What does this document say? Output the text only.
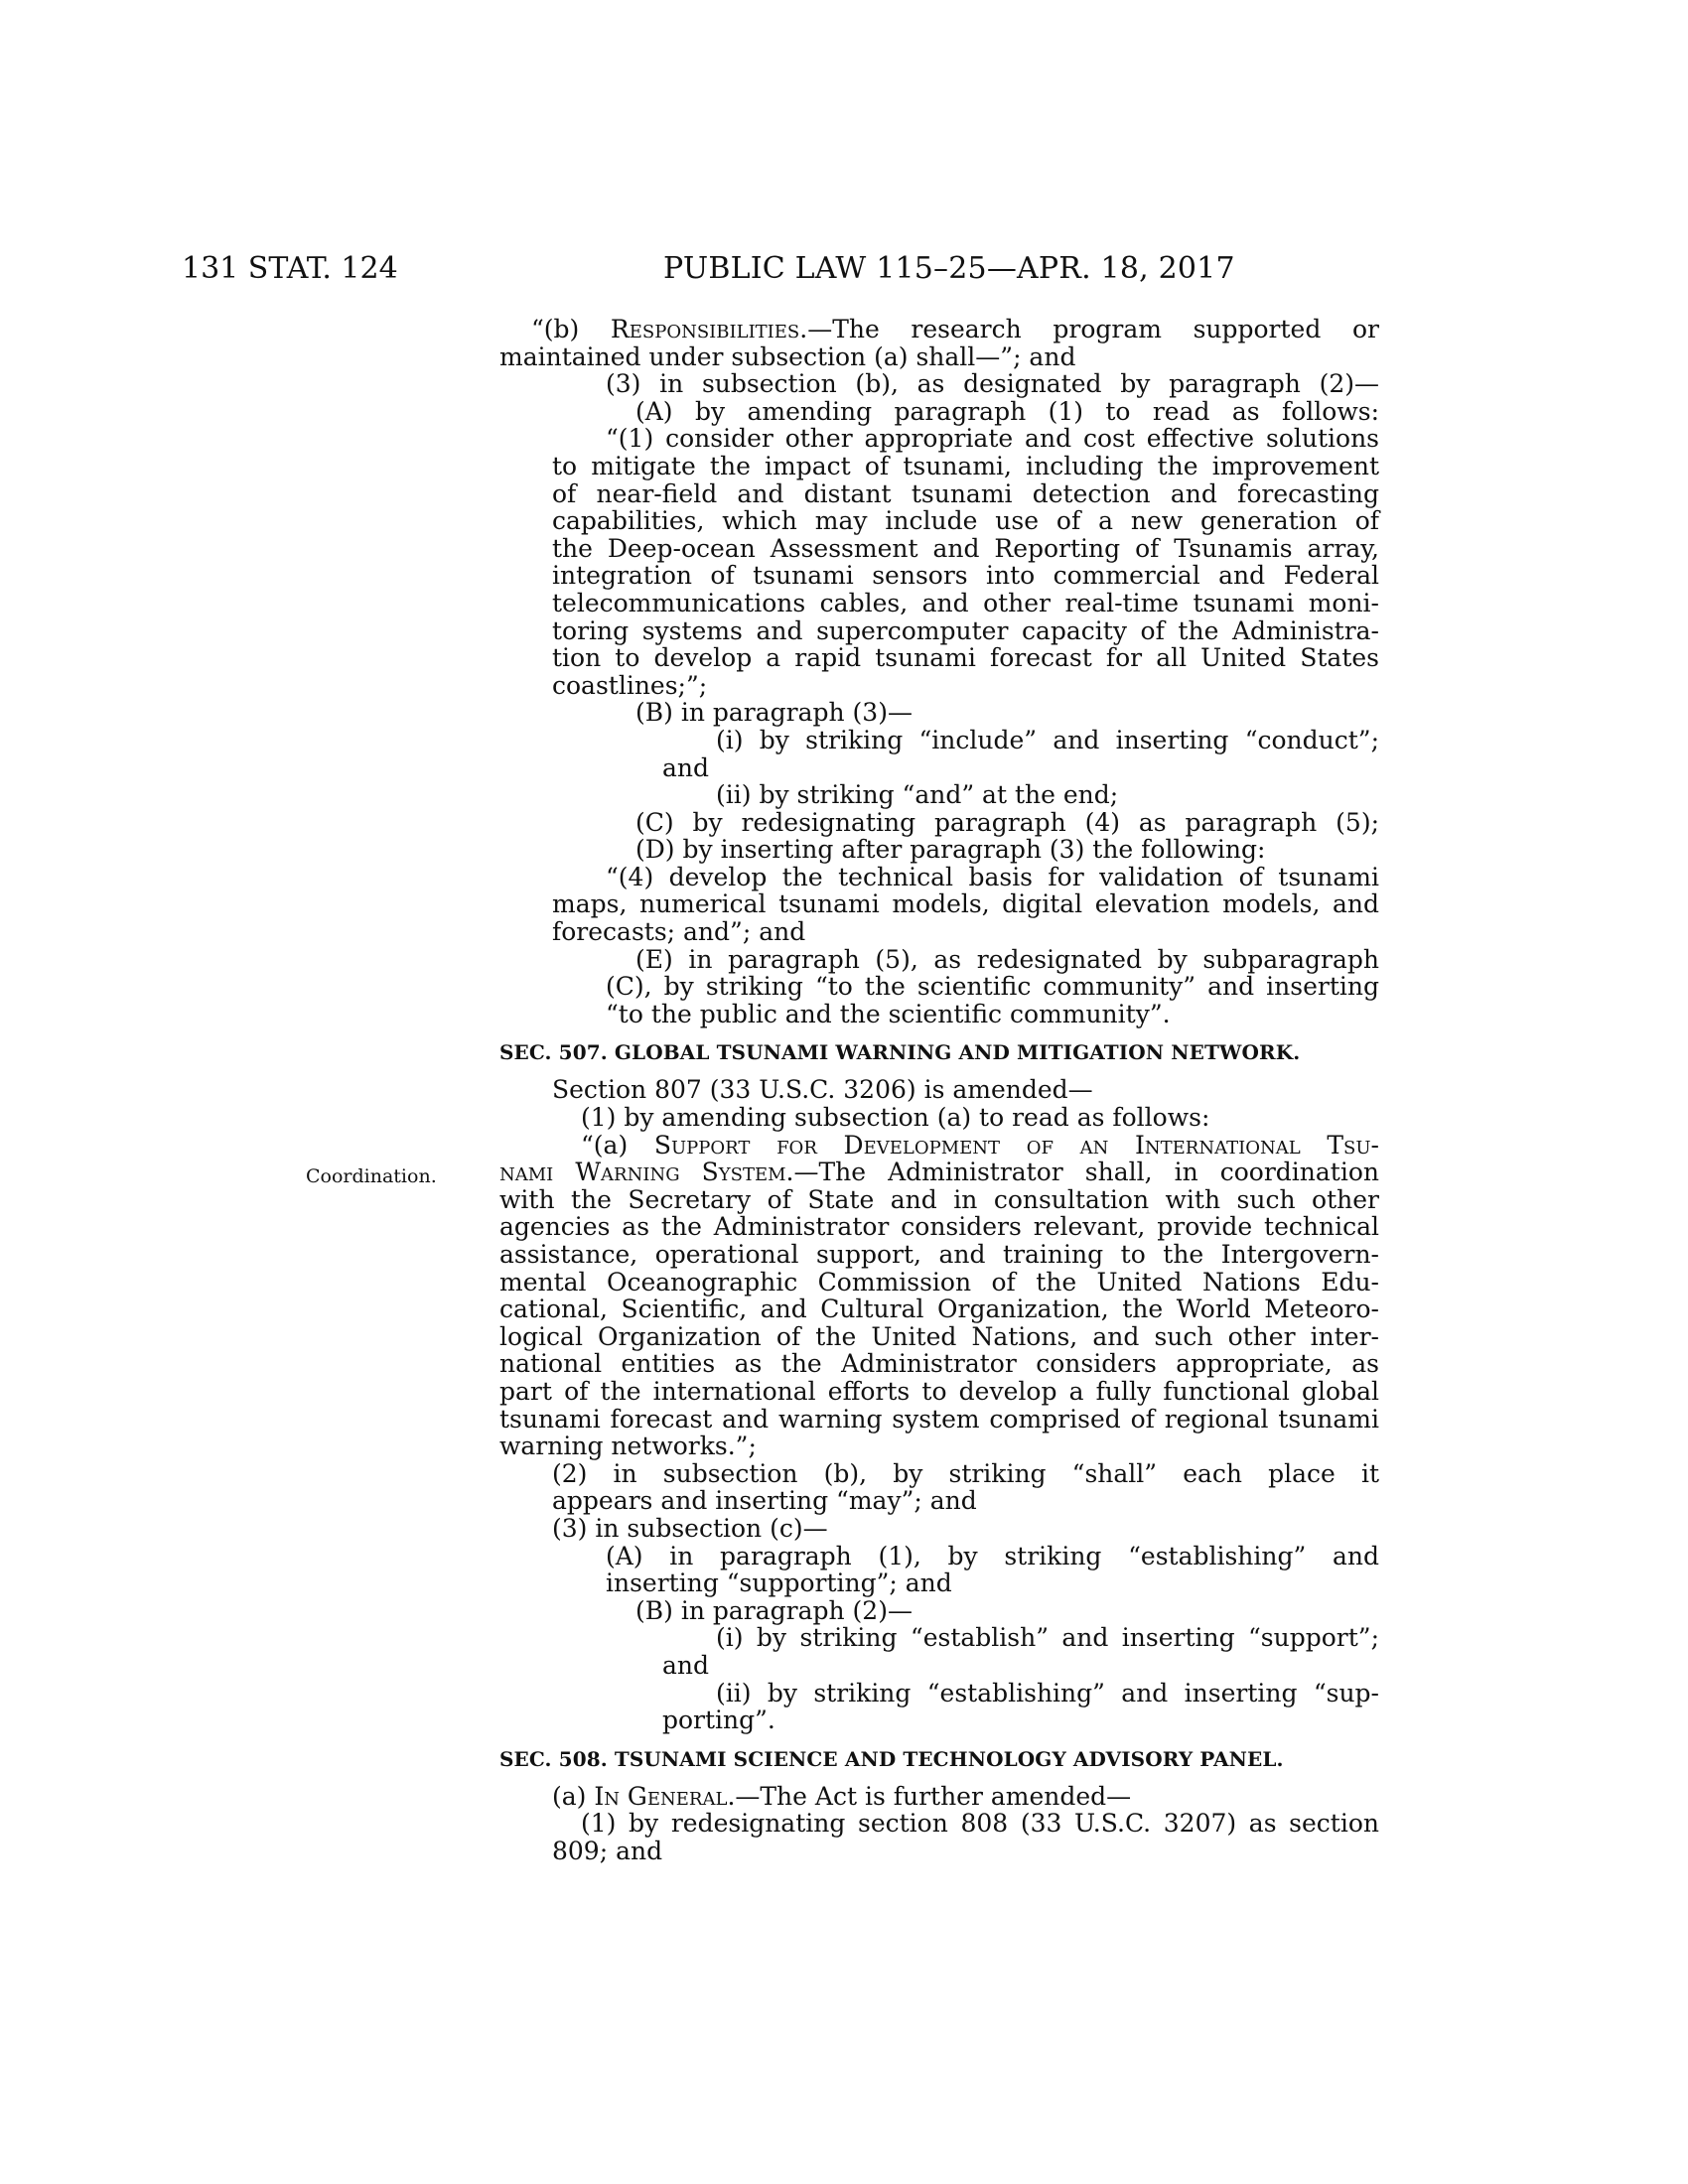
131 STAT. 124	PUBLIC LAW 115–25—APR. 18, 2017
Coordination.

“(b) Responsibilities.—The research program supported or

maintained under subsection (a) shall—”; and

(3) in subsection (b), as designated by paragraph (2)—

(A) by amending paragraph (1) to read as follows:

“(1) consider other appropriate and cost effective solutions

to mitigate the impact of tsunami, including the improvement

of near-field and distant tsunami detection and forecasting

capabilities, which may include use of a new generation of

the Deep-ocean Assessment and Reporting of Tsunamis array,

integration of tsunami sensors into commercial and Federal

telecommunications cables, and other real-time tsunami moni-

toring systems and supercomputer capacity of the Administra-

tion to develop a rapid tsunami forecast for all United States

coastlines;”;

(B) in paragraph (3)—

(i) by striking “include” and inserting “conduct”;

and

(ii) by striking “and” at the end;

(C) by redesignating paragraph (4) as paragraph (5);

(D) by inserting after paragraph (3) the following:

“(4) develop the technical basis for validation of tsunami

maps, numerical tsunami models, digital elevation models, and

forecasts; and”; and

(E) in paragraph (5), as redesignated by subparagraph

(C), by striking “to the scientific community” and inserting

“to the public and the scientific community”.

SEC. 507. GLOBAL TSUNAMI WARNING AND MITIGATION NETWORK.

Section 807 (33 U.S.C. 3206) is amended—

(1) by amending subsection (a) to read as follows:

“(a) Support for Development of an International Tsu-

nami Warning System.—The Administrator shall, in coordination

with the Secretary of State and in consultation with such other

agencies as the Administrator considers relevant, provide technical

assistance, operational support, and training to the Intergovern-

mental Oceanographic Commission of the United Nations Edu-

cational, Scientific, and Cultural Organization, the World Meteoro-

logical Organization of the United Nations, and such other inter-

national entities as the Administrator considers appropriate, as

part of the international efforts to develop a fully functional global

tsunami forecast and warning system comprised of regional tsunami

warning networks.”;

(2) in subsection (b), by striking “shall” each place it

appears and inserting “may”; and

(3) in subsection (c)—

(A) in paragraph (1), by striking “establishing” and

inserting “supporting”; and

(B) in paragraph (2)—

(i) by striking “establish” and inserting “support”;

and

(ii) by striking “establishing” and inserting “sup-

porting”.

SEC. 508. TSUNAMI SCIENCE AND TECHNOLOGY ADVISORY PANEL.

(a) In General.—The Act is further amended—

(1) by redesignating section 808 (33 U.S.C. 3207) as section

809; and
